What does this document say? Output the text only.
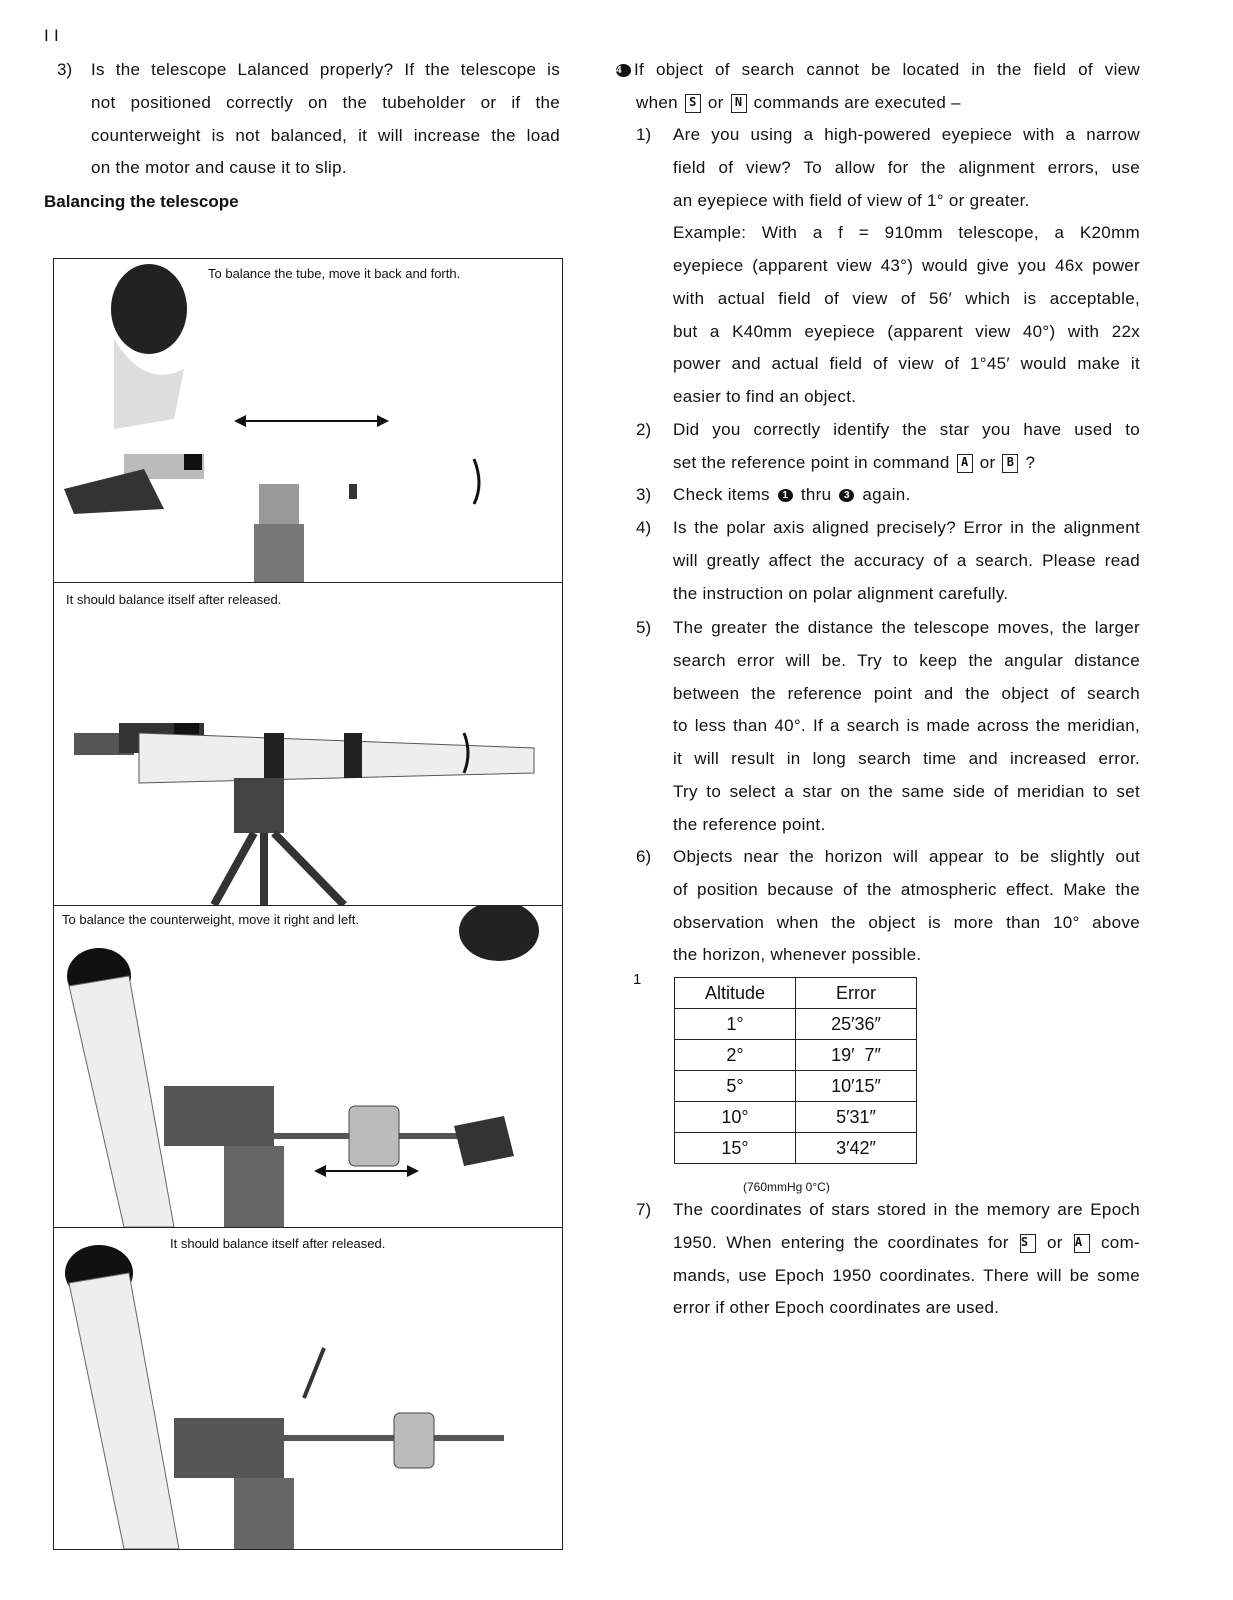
I I
3)
Balancing the telescope
To balance the tube, move it back and forth.
It should balance itself after released.
To balance the counterweight, move it right and left.
It should balance itself after released.
1
Altitude	Error
1°	25′36″
2°	19′  7″
5°	10′15″
10°	5′31″
15°	3′42″
(760mmHg 0°C)
Is the telescope Lalanced properly? If the telescope is
not positioned correctly on the tubeholder or if the
counterweight is not balanced, it will increase the load
on the motor and cause it to slip.
4 If object of search cannot be located in the field of view
when S or N commands are executed –
1) Are you using a high-powered eyepiece with a narrow
field of view? To allow for the alignment errors, use
an eyepiece with field of view of 1° or greater.
Example: With a f = 910mm telescope, a K20mm
eyepiece (apparent view 43°) would give you 46x power
with actual field of view of 56′ which is acceptable,
but a K40mm eyepiece (apparent view 40°) with 22x
power and actual field of view of 1°45′ would make it
easier to find an object.
2) Did you correctly identify the star you have used to
set the reference point in command A or B ?
3) Check items 1 thru 3 again.
4) Is the polar axis aligned precisely? Error in the alignment
will greatly affect the accuracy of a search. Please read
the instruction on polar alignment carefully.
5) The greater the distance the telescope moves, the larger
search error will be. Try to keep the angular distance
between the reference point and the object of search
to less than 40°. If a search is made across the meridian,
it will result in long search time and increased error.
Try to select a star on the same side of meridian to set
the reference point.
6) Objects near the horizon will appear to be slightly out
of position because of the atmospheric effect. Make the
observation when the object is more than 10° above
the horizon, whenever possible.
7) The coordinates of stars stored in the memory are Epoch
1950. When entering the coordinates for S or A com-
mands, use Epoch 1950 coordinates. There will be some
error if other Epoch coordinates are used.
